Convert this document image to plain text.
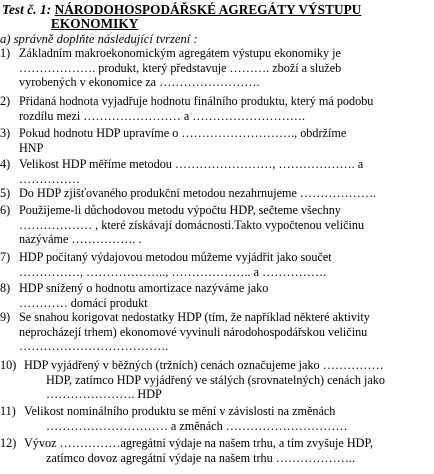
Test č. 1: NÁRODOHOSPODÁŘSKÉ AGREGÁTY VÝSTUPU
EKONOMIKY
a) správně doplňte následující tvrzení :
1) Základním makroekonomickým agregátem výstupu ekonomiky je
………………. produkt, který představuje ………. zboží a služeb
vyrobených v ekonomice za …………………….
2) Přidaná hodnota vyjadřuje hodnotu finálního produktu, který má podobu
rozdílu mezi …………………… a ……………………….
3) Pokud hodnotu HDP upravíme o ………………………., obdržíme
HNP
4) Velikost HDP měříme metodou ……………………, ………………. a
……………
5) Do HDP zjišťovaného produkční metodou nezahrnujeme ……………….
6) Použijeme-li důchodovou metodu výpočtu HDP, sečteme všechny
……………… , které získávají domácnosti.Takto vypočtenou veličinu
nazýváme ……………. .
7) HDP počítaný výdajovou metodou můžeme vyjádřit jako součet
……………, ……………….., ……………….. a …………….
8) HDP snížený o hodnotu amortizace nazýváme jako
………… domácí produkt
9) Se snahou korigovat nedostatky HDP (tím, že například některé aktivity
neprocházejí trhem) ekonomové vyvinuli národohospodářskou veličinu
……………………………….
10) HDP vyjádřený v běžných (tržních) cenách označujeme jako ……………
HDP, zatímco HDP vyjádřený ve stálých (srovnatelných) cenách jako
…………………. HDP
11) Velikost nominálního produktu se mění v závislosti na změnách
………………………… a změnách …………………………
12) Vývoz ……………agregátní výdaje na našem trhu, a tím zvyšuje HDP,
zatímco dovoz agregátní výdaje na našem trhu ………………..
